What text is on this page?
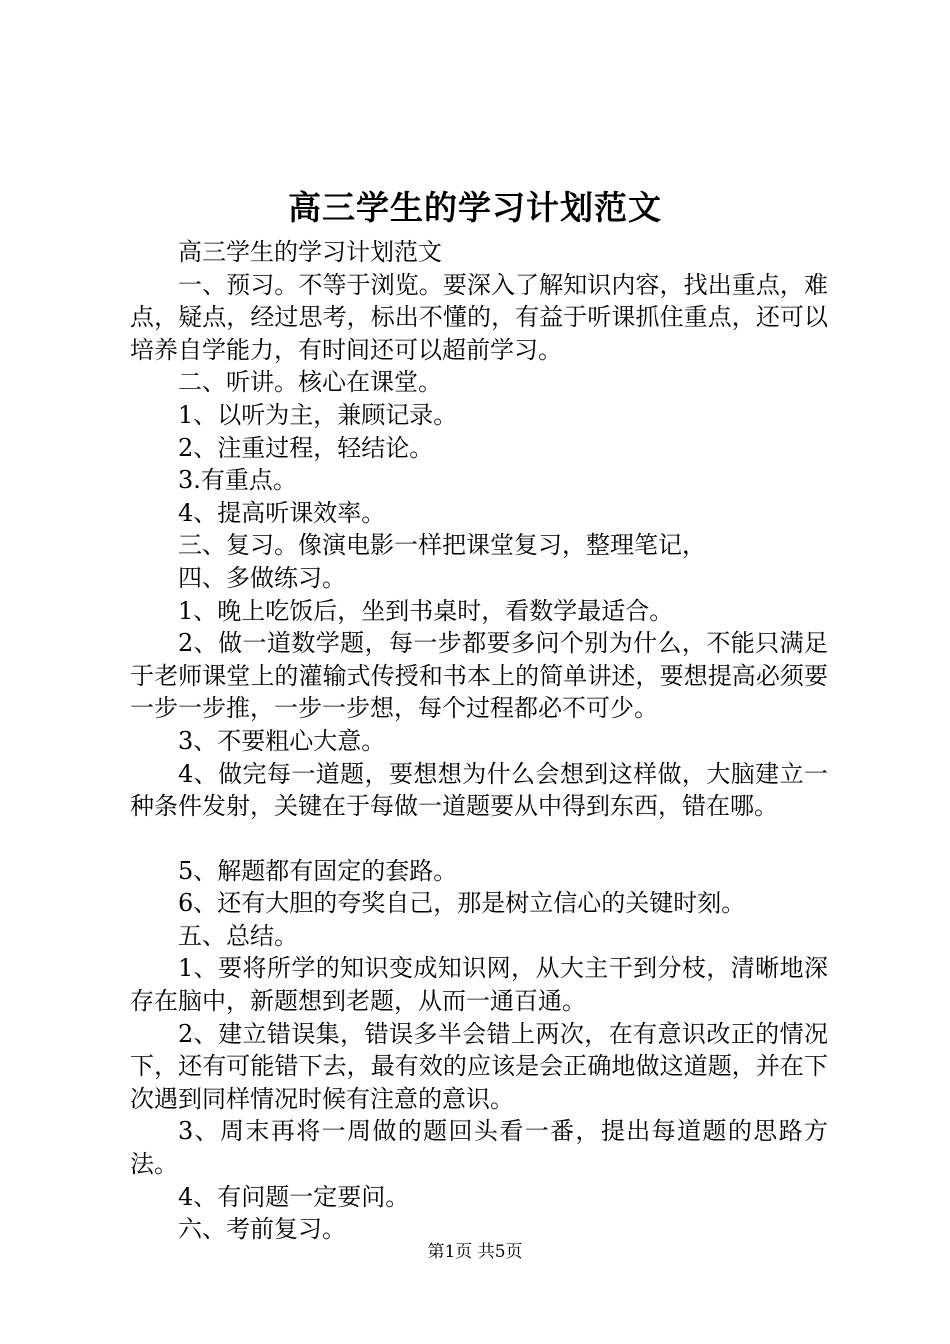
高三学生的学习计划范文

高三学生的学习计划范文

一、预习。不等于浏览。要深入了解知识内容，找出重点，难点，疑点，经过思考，标出不懂的，有益于听课抓住重点，还可以培养自学能力，有时间还可以超前学习。

二、听讲。核心在课堂。

1、以听为主，兼顾记录。

2、注重过程，轻结论。

3.有重点。

4、提高听课效率。

三、复习。像演电影一样把课堂复习，整理笔记，

四、多做练习。

1、晚上吃饭后，坐到书桌时，看数学最适合。

2、做一道数学题，每一步都要多问个别为什么，不能只满足于老师课堂上的灌输式传授和书本上的简单讲述，要想提高必须要一步一步推，一步一步想，每个过程都必不可少。

3、不要粗心大意。

4、做完每一道题，要想想为什么会想到这样做，大脑建立一种条件发射，关键在于每做一道题要从中得到东西，错在哪。

5、解题都有固定的套路。

6、还有大胆的夸奖自己，那是树立信心的关键时刻。

五、总结。

1、要将所学的知识变成知识网，从大主干到分枝，清晰地深存在脑中，新题想到老题，从而一通百通。

2、建立错误集，错误多半会错上两次，在有意识改正的情况下，还有可能错下去，最有效的应该是会正确地做这道题，并在下次遇到同样情况时候有注意的意识。

3、周末再将一周做的题回头看一番，提出每道题的思路方法。

4、有问题一定要问。

六、考前复习。

第1页 共5页
